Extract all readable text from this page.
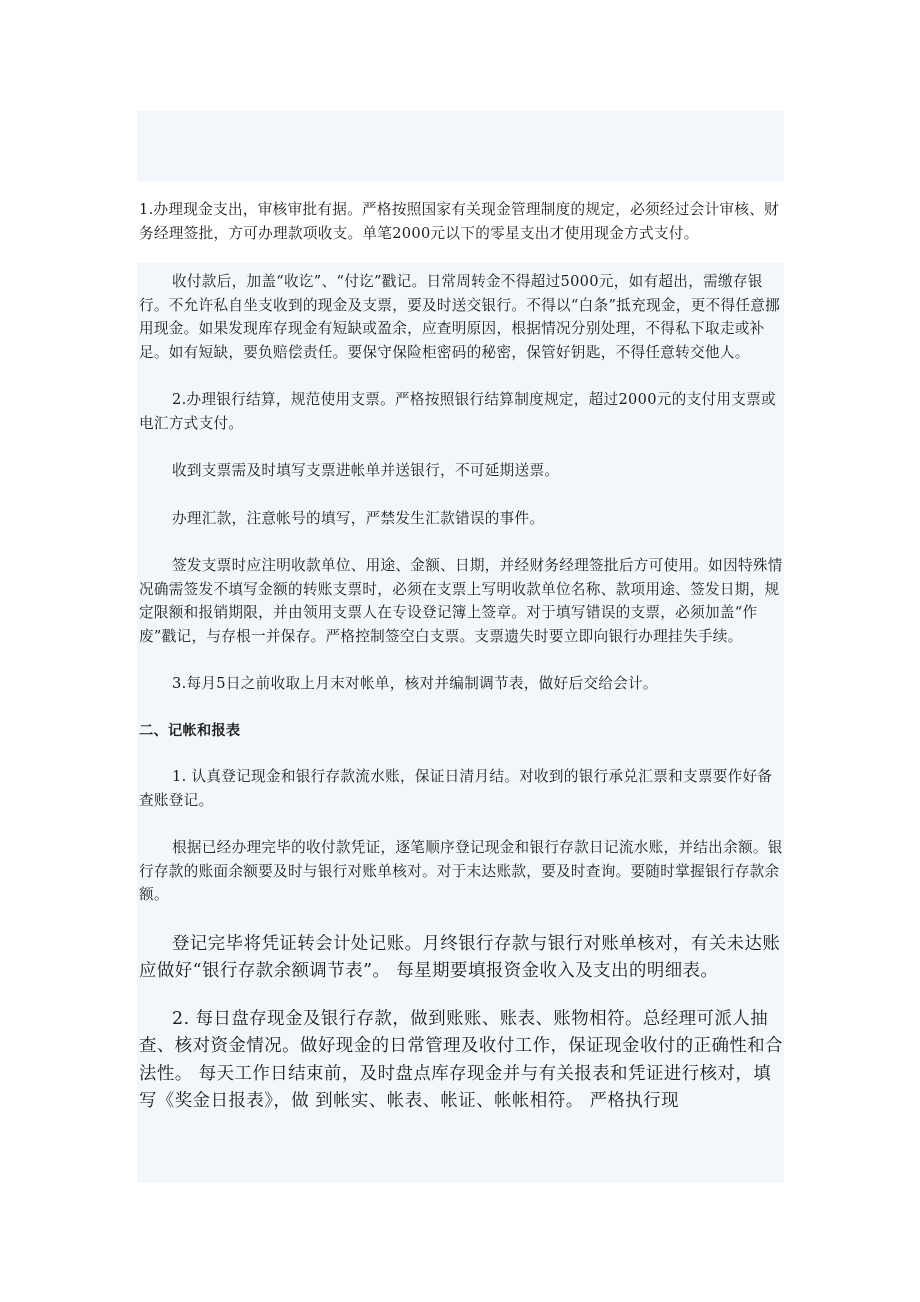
1.办理现金支出，审核审批有据。严格按照国家有关现金管理制度的规定，必须经过会计审核、财务经理签批，方可办理款项收支。单笔2000元以下的零星支出才使用现金方式支付。

收付款后，加盖“收讫”、“付讫”戳记。日常周转金不得超过5000元，如有超出，需缴存银行。不允许私自坐支收到的现金及支票，要及时送交银行。不得以“白条”抵充现金，更不得任意挪用现金。如果发现库存现金有短缺或盈余，应查明原因，根据情况分别处理，不得私下取走或补足。如有短缺，要负赔偿责任。要保守保险柜密码的秘密，保管好钥匙，不得任意转交他人。

2.办理银行结算，规范使用支票。严格按照银行结算制度规定，超过2000元的支付用支票或电汇方式支付。

收到支票需及时填写支票进帐单并送银行，不可延期送票。

办理汇款，注意帐号的填写，严禁发生汇款错误的事件。

签发支票时应注明收款单位、用途、金额、日期，并经财务经理签批后方可使用。如因特殊情况确需签发不填写金额的转账支票时，必须在支票上写明收款单位名称、款项用途、签发日期，规定限额和报销期限，并由领用支票人在专设登记簿上签章。对于填写错误的支票，必须加盖“作废”戳记，与存根一并保存。严格控制签空白支票。支票遗失时要立即向银行办理挂失手续。

3.每月5日之前收取上月末对帐单，核对并编制调节表，做好后交给会计。

二、记帐和报表

1. 认真登记现金和银行存款流水账，保证日清月结。对收到的银行承兑汇票和支票要作好备查账登记。

根据已经办理完毕的收付款凭证，逐笔顺序登记现金和银行存款日记流水账，并结出余额。银行存款的账面余额要及时与银行对账单核对。对于末达账款，要及时查询。要随时掌握银行存款余额。

登记完毕将凭证转会计处记账。月终银行存款与银行对账单核对，有关未达账应做好“银行存款余额调节表”。 每星期要填报资金收入及支出的明细表。

2. 每日盘存现金及银行存款，做到账账、账表、账物相符。总经理可派人抽查、核对资金情况。做好现金的日常管理及收付工作，保证现金收付的正确性和合法性。 每天工作日结束前，及时盘点库存现金并与有关报表和凭证进行核对，填写《奖金日报表》，做 到帐实、帐表、帐证、帐帐相符。 严格执行现
